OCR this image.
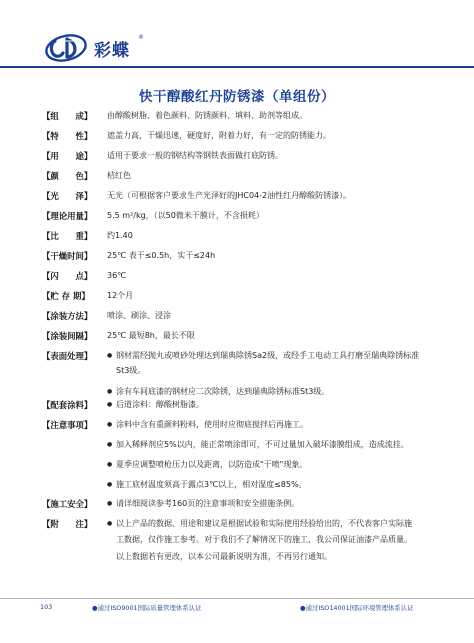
彩蝶
®
快干醇酸红丹防锈漆（单组份）
【组　　成】	由醇酸树脂、着色颜料、防锈颜料、填料、助剂等组成。
【特　　性】	遮盖力高，干燥迅速，硬度好，附着力好，有一定的防锈能力。
【用　　途】	适用于要求一般的钢结构等钢铁表面做打底防锈。
【颜　　色】	桔红色
【光　　泽】	无光（可根据客户要求生产光泽好的JHC04-2油性红丹醇酸防锈漆）。
【理论用量】	5.5 m²/kg，（以50微米干膜计，不含损耗）
【比　　重】	约1.40
【干燥时间】	25℃ 表干≤0.5h，实干≤24h
【闪　　点】	36℃
【贮 存 期】	12个月
【涂装方法】	喷涂、刷涂、浸涂
【涂装间隔】	25℃ 最短8h，最长不限
【表面处理】	● 钢材需经抛丸或喷砂处理达到瑞典除锈Sa2级，或经手工电动工具打磨至瑞典除锈标准
St3级。
● 涂有车间底漆的钢材应二次除锈，达到瑞典除锈标准St3级。
【配套涂料】	● 后道涂料：醇酸树脂漆。
【注意事项】	● 涂料中含有重颜料粉料，使用时应彻底搅拌后再施工。
● 加入稀释剂应5%以内，能正常喷涂即可，不可过量加入破坏漆膜组成，造成流挂。
● 夏季应调整喷枪压力以及距离，以防造成"干喷"现象。
● 施工底材温度须高于露点3℃以上，相对湿度≤85%。
【施工安全】	● 请详细阅读参考160页的注意事项和安全措施条例。
【附　　注】	● 以上产品的数据、用途和建议是根据试验和实际使用经验给出的，不代表客户实际施
工数据，仅作施工参考。对于我们不了解情况下的施工，我公司保证油漆产品质量。
以上数据若有更改，以本公司最新说明为准，不再另行通知。
103	●通过ISO9001国际质量管理体系认证	●通过ISO14001国际环境管理体系认证
